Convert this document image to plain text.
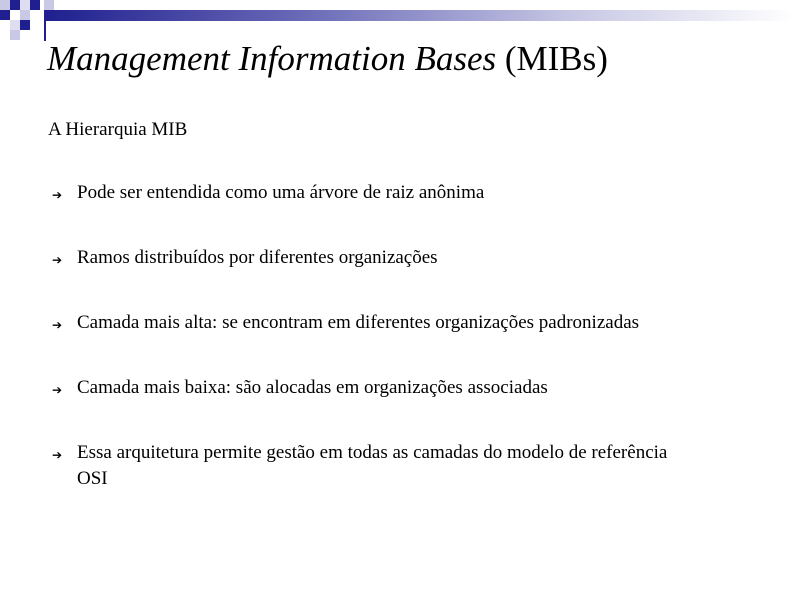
Management Information Bases (MIBs)
A Hierarquia MIB
➔ Pode ser entendida como uma árvore de raiz anônima
➔ Ramos distribuídos por diferentes organizações
➔ Camada mais alta: se encontram em diferentes organizações padronizadas
➔ Camada mais baixa: são alocadas em organizações associadas
➔ Essa arquitetura permite gestão em todas as camadas do modelo de referência OSI
